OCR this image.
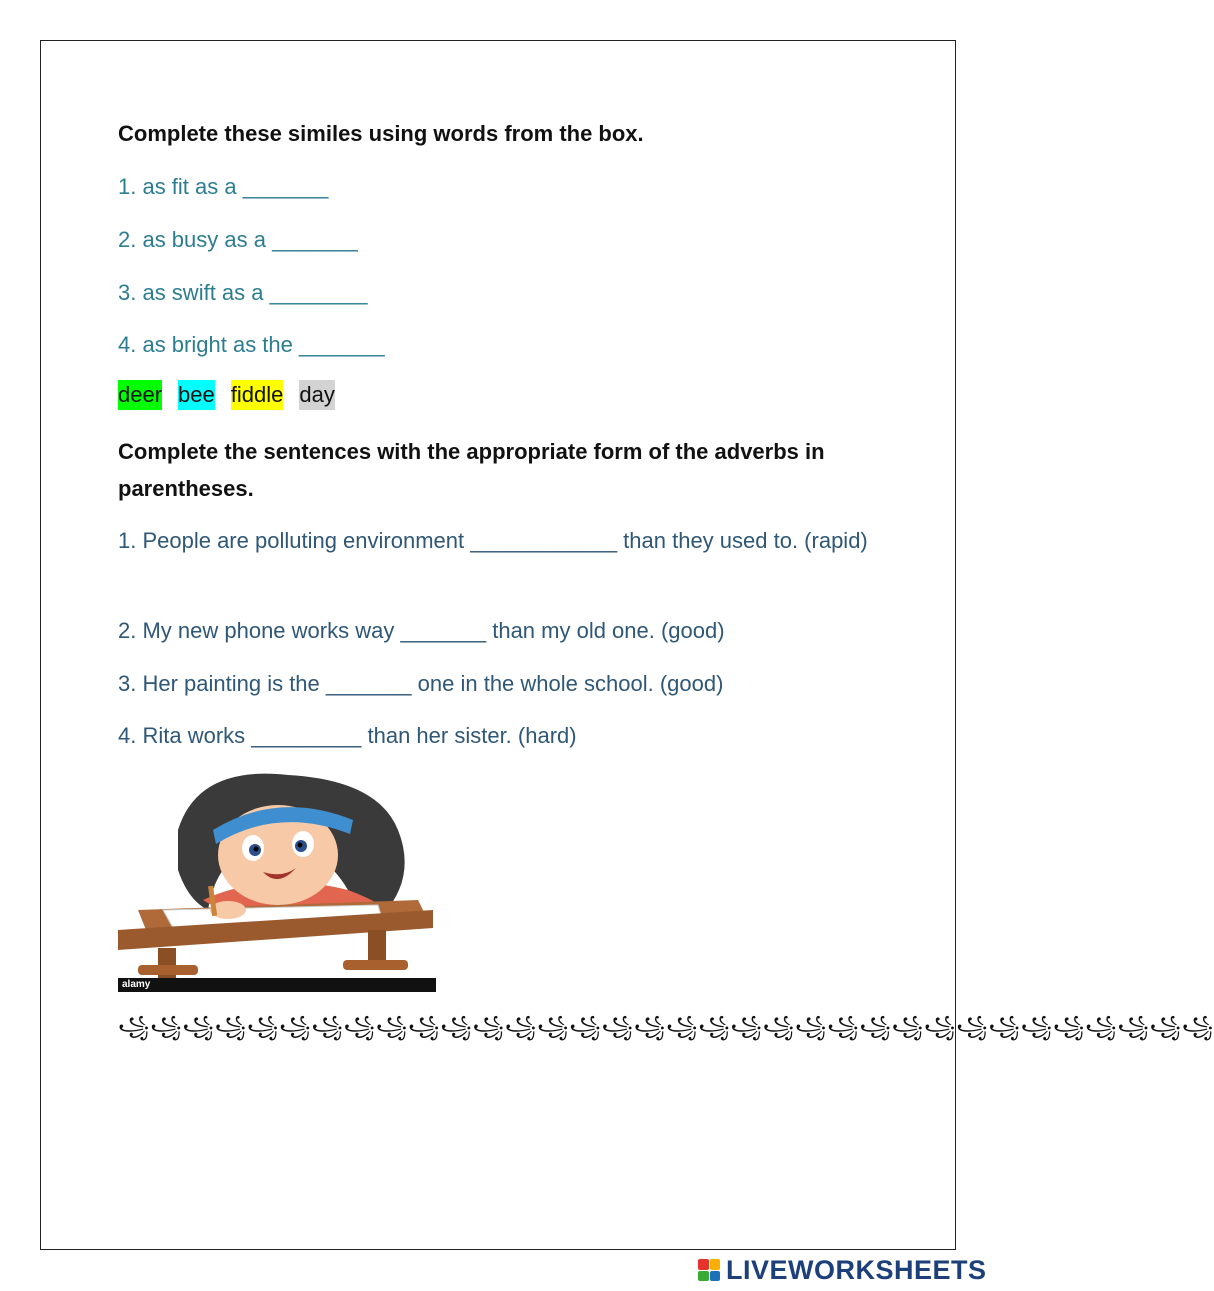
Complete these similes using words from the box.
1. as fit as a _______
2. as busy as a _______
3. as swift as a ________
4. as bright as the _______
deer bee fiddle day
Complete the sentences with the appropriate form of the adverbs in parentheses.
1. People are polluting environment ____________ than they used to. (rapid)
2. My new phone works way _______ than my old one. (good)
3. Her painting is the _______ one in the whole school. (good)
4. Rita works _________ than her sister. (hard)
alamy
꧁꧁꧁꧁꧁꧁꧁꧁꧁꧁꧁꧁꧁꧁꧁꧁꧁꧁꧁꧁꧁꧁꧁꧁꧁꧁꧁꧁꧁꧁꧁꧁꧁꧁
LIVEWORKSHEETS
